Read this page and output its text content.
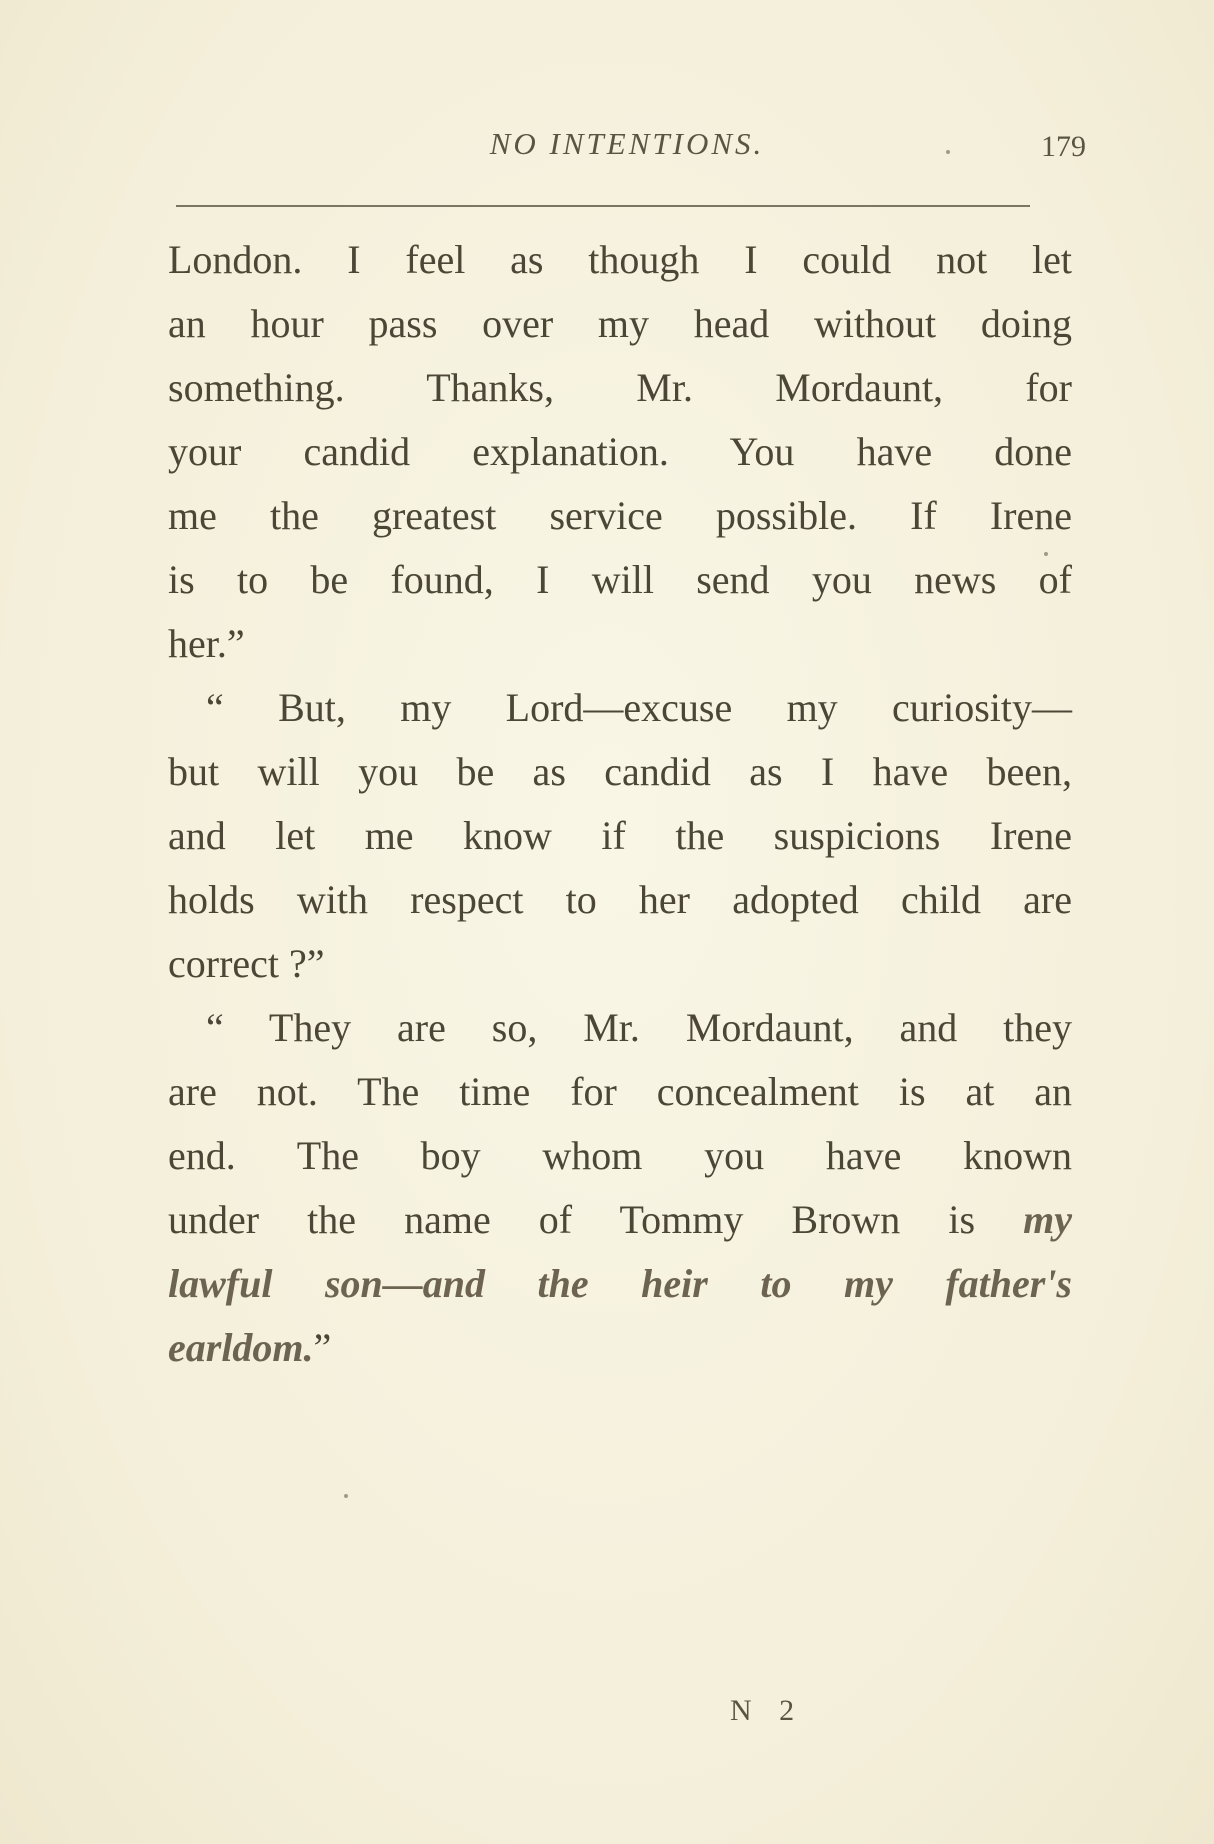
NO INTENTIONS.	179
London. I feel as though I could not let
an hour pass over my head without doing
something. Thanks, Mr. Mordaunt, for
your candid explanation. You have done
me the greatest service possible. If Irene
is to be found, I will send you news of
her.”
“ But, my Lord—excuse my curiosity—
but will you be as candid as I have been,
and let me know if the suspicions Irene
holds with respect to her adopted child are
correct ?”
“ They are so, Mr. Mordaunt, and they
are not. The time for concealment is at an
end. The boy whom you have known
under the name of Tommy Brown is my
lawful son—and the heir to my father's
earldom.”
N 2
